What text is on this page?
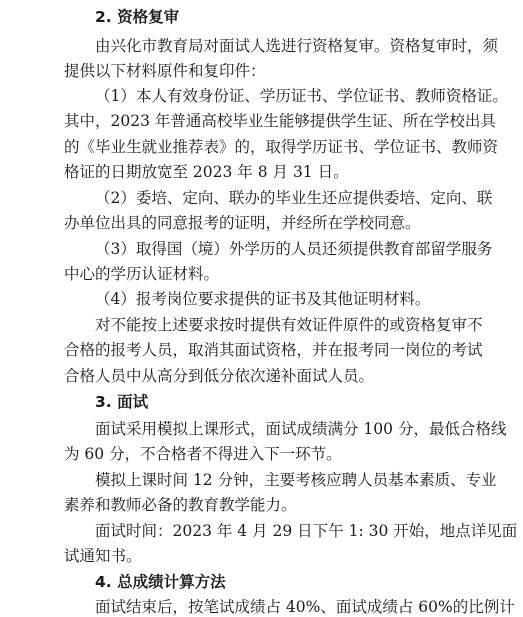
2. 资格复审
由兴化市教育局对面试人选进行资格复审。资格复审时，须
提供以下材料原件和复印件：
（1）本人有效身份证、学历证书、学位证书、教师资格证。
其中，2023 年普通高校毕业生能够提供学生证、所在学校出具
的《毕业生就业推荐表》的，取得学历证书、学位证书、教师资
格证的日期放宽至 2023 年 8 月 31 日。
（2）委培、定向、联办的毕业生还应提供委培、定向、联
办单位出具的同意报考的证明，并经所在学校同意。
（3）取得国（境）外学历的人员还须提供教育部留学服务
中心的学历认证材料。
（4）报考岗位要求提供的证书及其他证明材料。
对不能按上述要求按时提供有效证件原件的或资格复审不
合格的报考人员，取消其面试资格，并在报考同一岗位的考试
合格人员中从高分到低分依次递补面试人员。
3. 面试
面试采用模拟上课形式，面试成绩满分 100 分，最低合格线
为 60 分，不合格者不得进入下一环节。
模拟上课时间 12 分钟，主要考核应聘人员基本素质、专业
素养和教师必备的教育教学能力。
面试时间：2023 年 4 月 29 日下午 1: 30 开始，地点详见面
试通知书。
4. 总成绩计算方法
面试结束后，按笔试成绩占 40%、面试成绩占 60%的比例计
